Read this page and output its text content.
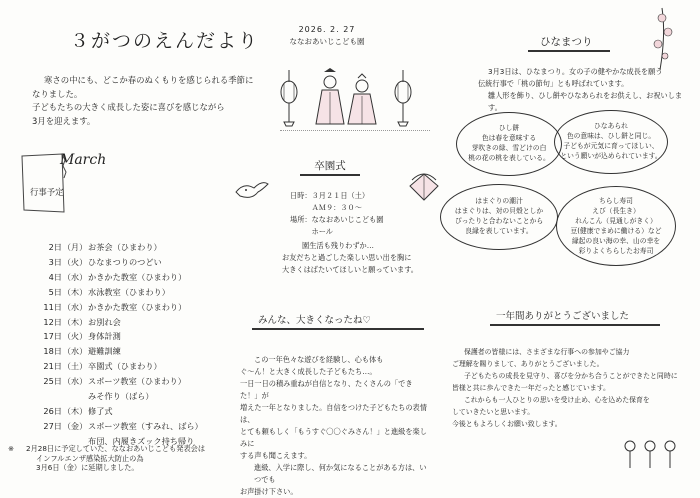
３がつのえんだより
2026. 2. 27
ななおあいじこども園
寒さの中にも、どこか春のぬくもりを感じられる季節に
なりました。
子どもたちの大きく成長した姿に喜びを感じながら
3月を迎えます。
March
行事予定
2日 （月） お茶会（ひまわり）
3日 （火） ひなまつりのつどい
4日 （水） かきかた教室（ひまわり）
5日 （木） 水泳教室（ひまわり）
11日 （水） かきかた教室（ひまわり）
12日 （木） お別れ会
17日 （火） 身体計測
18日 （水） 避難訓練
21日 （土） 卒園式（ひまわり）
25日 （水） スポーツ教室（ひまわり）
みそ作り（ばら）
26日 （木） 修了式
27日 （金） スポーツ教室（すみれ、ばら）
布団、内履きズック持ち帰り
※ 2月28日に予定していた、ななおあいじこども発表会は
インフルエンザ感染拡大防止の為
3月6日（金）に延期しました。
卒園式
日時：３月２１日（土）
　　　ＡＭ９：３０～
場所：ななおあいじこども園
　　　ホール
園生活も残りわずか…
お友だちと過ごした楽しい思い出を胸に
大きくはばたいてほしいと願っています。
みんな、大きくなったね♡
この一年色々な遊びを経験し、心も体も
ぐ～ん！と大きく成長した子どもたち…。
一日一日の積み重ねが自信となり、たくさんの「できた！」が
増えた一年となりました。自信をつけた子どもたちの表情は、
とても頼もしく「もうすぐ〇〇ぐみさん！」と進級を楽しみに
する声も聞こえます。
進級、入学に際し、何か気になることがある方は、いつでも
お声掛け下さい。
ひなまつり
3月3日は、ひなまつり。女の子の健やかな成長を願う
伝統行事で「桃の節句」とも呼ばれています。
雛人形を飾り、ひし餅やひなあられをお供えし、お祝いします。
ひし餅
色は春を意味する
芽吹きの緑、雪どけの白
桃の花の桃を表している。
ひなあられ
色の意味は、ひし餅と同じ。
子どもが元気に育ってほしい、
という願いが込められています。
はまぐりの潮汁
はまぐりは、対の貝殻としか
ぴったりと合わないことから
良縁を表しています。
ちらし寿司
えび（長生き）
れんこん（見通しがきく）
豆(健康でまめに働ける）など
縁起の良い海の幸、山の幸を
彩りよくちらしたお寿司
一年間ありがとうございました
保護者の皆様には、さまざまな行事への参加やご協力
ご理解を賜りまして、ありがとうございました。
子どもたちの成長を見守り、喜びを分かち合うことができたと同時に
皆様と共に歩んできた一年だったと感じています。
これからも一人ひとりの思いを受け止め、心を込めた保育を
していきたいと思います。
今後ともよろしくお願い致します。
